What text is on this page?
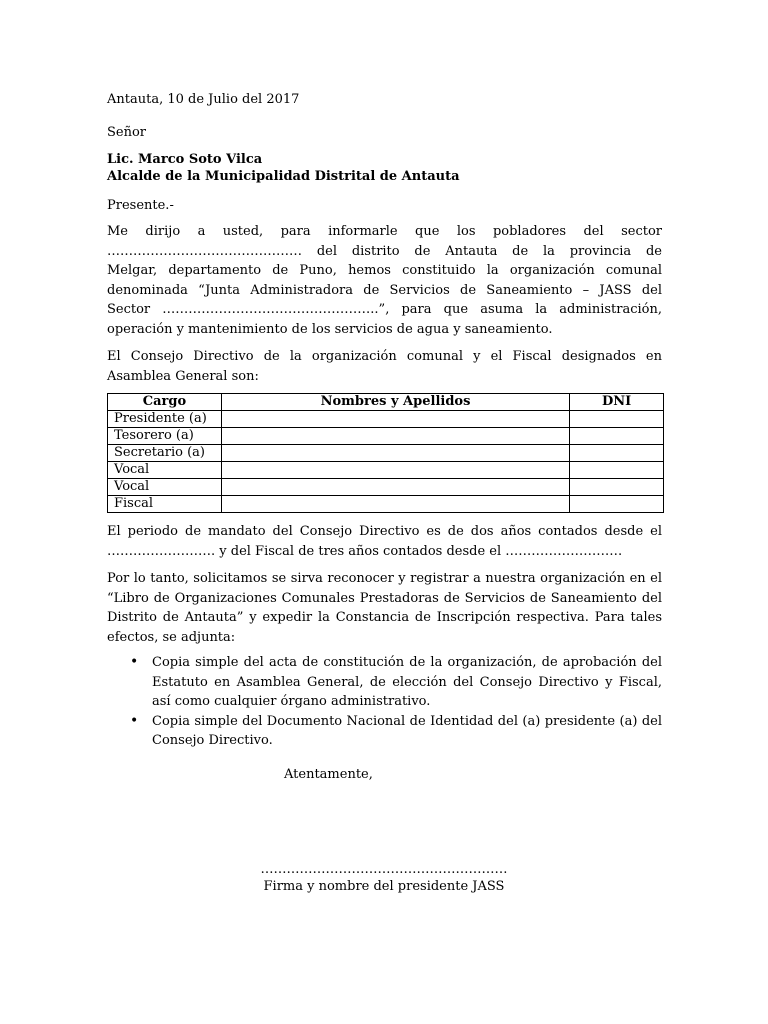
Antauta, 10 de Julio del 2017

Señor

Lic. Marco Soto Vilca

Alcalde de la Municipalidad Distrital de Antauta

Presente.-

Me dirijo a usted, para informarle que los pobladores del sector
……………………………………… del distrito de Antauta de la provincia de
Melgar, departamento de Puno, hemos constituido la organización comunal
denominada “Junta Administradora de Servicios de Saneamiento – JASS del
Sector …………………………………………..”, para que asuma la administración,
operación y mantenimiento de los servicios de agua y saneamiento.

El Consejo Directivo de la organización comunal y el Fiscal designados en Asamblea General son:

Cargo	Nombres y Apellidos	DNI
Presidente (a)		
Tesorero (a)		
Secretario (a)		
Vocal		
Vocal		
Fiscal		
El periodo de mandato del Consejo Directivo es de dos años contados desde el
……………………. y del Fiscal de tres años contados desde el ………………………

Por lo tanto, solicitamos se sirva reconocer y registrar a nuestra organización en el “Libro de Organizaciones Comunales Prestadoras de Servicios de Saneamiento del Distrito de Antauta” y expedir la Constancia de Inscripción respectiva. Para tales efectos, se adjunta:

• Copia simple del acta de constitución de la organización, de aprobación del Estatuto en Asamblea General, de elección del Consejo Directivo y Fiscal, así como cualquier órgano administrativo.
• Copia simple del Documento Nacional de Identidad del (a) presidente (a) del Consejo Directivo.

Atentamente,

…………………………………………………

Firma y nombre del presidente JASS
